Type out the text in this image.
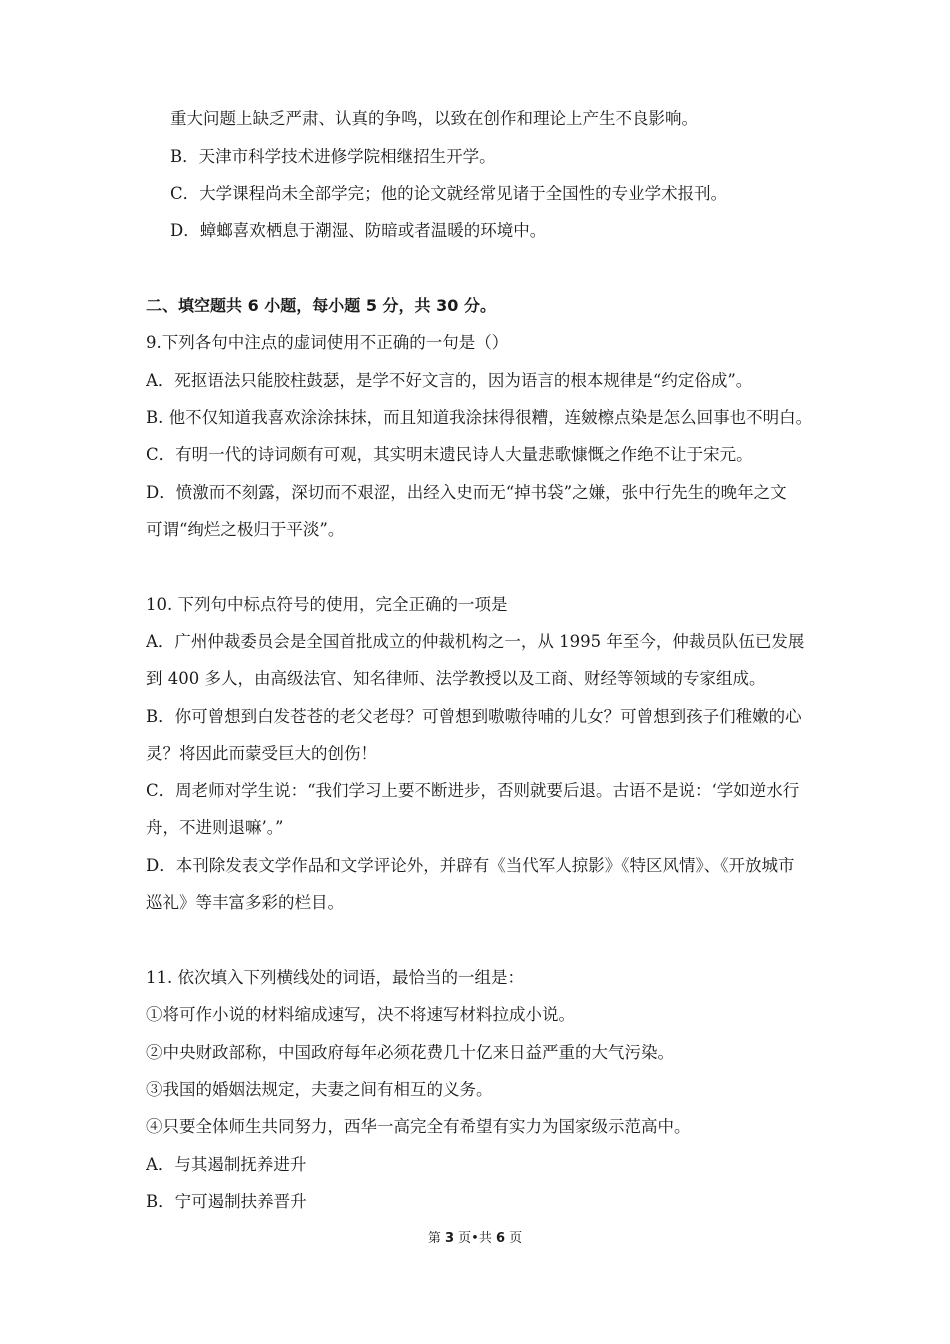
重大问题上缺乏严肃、认真的争鸣，以致在创作和理论上产生不良影响。
B．天津市科学技术进修学院相继招生开学。
C．大学课程尚未全部学完；他的论文就经常见诸于全国性的专业学术报刊。
D．蟑螂喜欢栖息于潮湿、防暗或者温暖的环境中。
二、填空题共 6 小题，每小题 5 分，共 30 分。
9.下列各句中注点的虚词使用不正确的一句是（）
A．死抠语法只能胶柱鼓瑟，是学不好文言的，因为语言的根本规律是“约定俗成”。
B. 他不仅知道我喜欢涂涂抹抹，而且知道我涂抹得很糟，连皴檫点染是怎么回事也不明白。
C．有明一代的诗词颇有可观，其实明末遗民诗人大量悲歌慷慨之作绝不让于宋元。
D．愤激而不刻露，深切而不艰涩，出经入史而无“掉书袋”之嫌，张中行先生的晚年之文
可谓“绚烂之极归于平淡”。
10. 下列句中标点符号的使用，完全正确的一项是
A．广州仲裁委员会是全国首批成立的仲裁机构之一，从 1995 年至今，仲裁员队伍已发展
到 400 多人，由高级法官、知名律师、法学教授以及工商、财经等领域的专家组成。
B．你可曾想到白发苍苍的老父老母？可曾想到嗷嗷待哺的儿女？可曾想到孩子们稚嫩的心
灵？将因此而蒙受巨大的创伤！
C．周老师对学生说：“我们学习上要不断进步，否则就要后退。古语不是说：‘学如逆水行
舟，不进则退嘛’。”
D．本刊除发表文学作品和文学评论外，并辟有《当代军人掠影》《特区风情》、《开放城市
巡礼》等丰富多彩的栏目。
11. 依次填入下列横线处的词语，最恰当的一组是：
①将可作小说的材料缩成速写，决不将速写材料拉成小说。
②中央财政部称，中国政府每年必须花费几十亿来日益严重的大气污染。
③我国的婚姻法规定，夫妻之间有相互的义务。
④只要全体师生共同努力，西华一高完全有希望有实力为国家级示范高中。
A．与其遏制抚养进升
B．宁可遏制扶养晋升
第 3 页•共 6 页
